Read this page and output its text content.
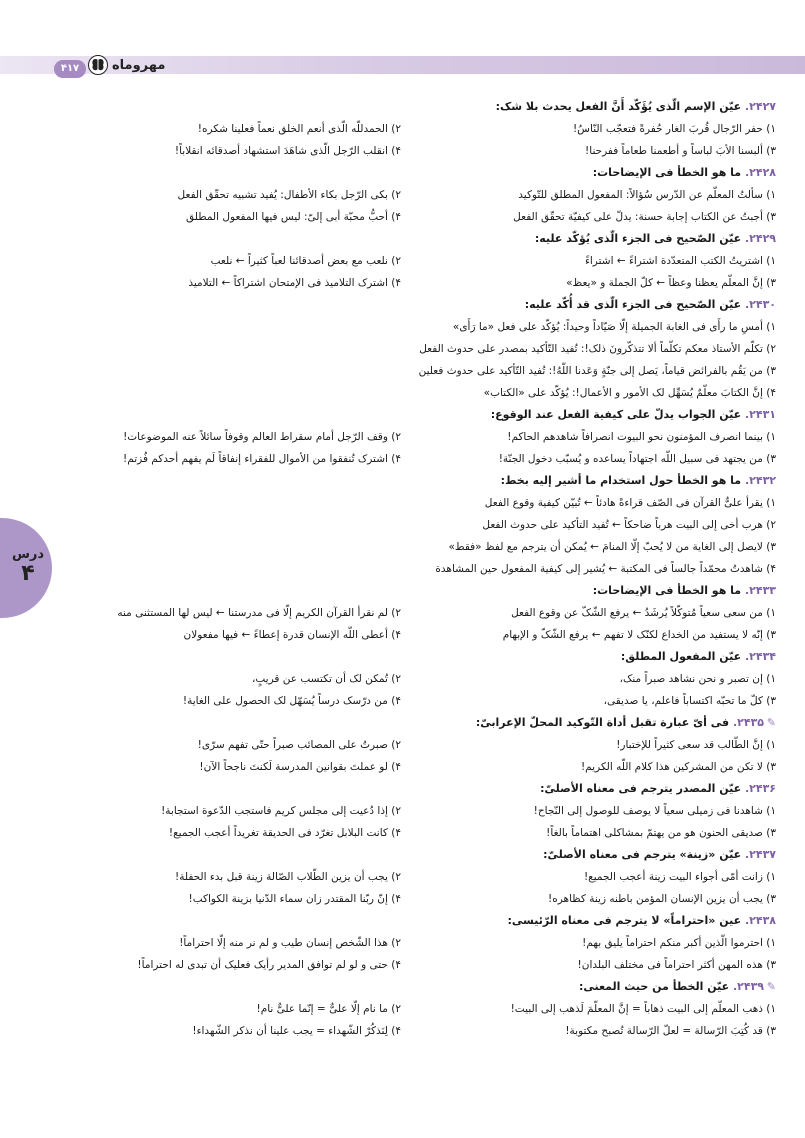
مهروماه
۴۱۷
درس
۴
۲۴۲۷. عیّن الإسم الّذی یُؤَکّد أَنَّ الفعل یحدث بلا شک:
۱) حفر الرّجال قُربَ الغار حُفرةً فتعجّب النّاسُ!
۲) الحمدللّه الّذی أنعم الخلق نعماً فعلینا شکره!
۳) ألبسنا الأبَ لباساً و أطعمنا طعاماً ففرحنا!
۴) انقلب الرّجل الّذی شاهَدَ استشهاد أصدقائه انقلاباً!
۲۴۲۸. ما هو الخطأ فی الإیضاحات:
۱) سألتُ المعلّم عن الدّرس سُؤالاً: المفعول المطلق للتّوکید
۲) بکی الرّجل بکاء الأطفال: یُفید تشبیه تحقّق الفعل
۳) أجبتُ عن الکتاب إجابة حسنة: یدلّ علی کیفیّة تحقّق الفعل
۴) أحبُّ محبّة أبی إلیّ: لیس فیها المفعول المطلق
۲۴۲۹. عیّن الصّحیح فی الجزء الّذی یُؤکّد علیه:
۱) اشتریتُ الکتب المتعدّدة اشتراءً ← اشتراءً
۲) نلعب مع بعض أصدقائنا لعباً کثیراً ← نلعب
۳) إنَّ المعلّم یعظنا وعظاً ← کلّ الجملة و «یعظ»
۴) اشترک التلامیذ فی الإمتحان اشتراکاً ← التلامیذ
۲۴۳۰. عیّن الصّحیح فی الجزء الّذی قد أُکّد علیه:
۱) أمسِ ما رأَی فی الغابة الجمیلة إلّا صَیّاداً وحیداً: یُؤکّد علی فعل «ما رَأَی»
۲) تکلّم الأستاذ معکم تکلّماً ألا تتذکّرونَ ذلک!: تُفید التّأکید بمصدر علی حدوث الفعل
۳) من یَقُم بالفرائض قیاماً، یَصل إلی جنّةٍ وَعَدنا اللّهُ!: تُفید التّأکید علی حدوث فعلین
۴) إنَّ الکتابَ معلّمٌ یُسَهِّل لک الأمور و الأعمال!: یُؤکّد علی «الکتاب»
۲۴۳۱. عیّن الجواب یدلّ علی کیفیة الفعل عند الوقوع:
۱) بینما انصرف المؤمنون نحو البیوت انصرافاً شاهدهم الحاکم!
۲) وقف الرّجل أمام سقراط العالم وقوفاً سائلاً عنه الموضوعات!
۳) من یجتهد فی سبیل اللّه اجتهاداً یساعده و یُسبّب دخول الجنّة!
۴) اشترک تُنفقوا من الأموال للفقراء إنفاقاً لَم یفهم أحدکم فُزتم!
۲۴۳۲. ما هو الخطأ حول استخدام ما أشیر إلیه بخط:
۱) یقرأ علیٌّ القرآن فی الصّف قراءةً هادئاً ← تُبیّن کیفیة وقوع الفعل
۲) هرب أخی إلی البیت هرباً ضاحکاً ← تُفید التأکید علی حدوث الفعل
۳) لایصل إلی الغایة من لا یُحبّ إلّا المنامَ ← یُمکن أن یترجم مع لفظ «فقط»
۴) شاهدتُ محمّداً جالساً فی المکتبة ← یُشیر إلی کیفیة المفعول حین المشاهدة
۲۴۳۳. ما هو الخطأ فی الإیضاحات:
۱) من سعی سعیاً مُتوکّلاً یُرشَدُ ← یرفع الشّکّ عن وقوع الفعل
۲) لم نقرأ القرآن الکریم إلّا فی مدرستنا ← لیس لها المستثنی منه
۳) إنّه لا یستفید من الخداع لکنّک لا تفهم ← یرفع الشّکّ و الإبهام
۴) أعطی اللّه الإنسان قدرة إعطاءً ← فیها مفعولان
۲۴۳۴. عیّن المفعول المطلق:
۱) إن تصبر و نحن نشاهد صبراً منک،
۲) تُمکن لک أن تکتسب عن قریبٍ،
۳) کلّ ما تحبّه اکتساباً فاعلم، یا صدیقی،
۴) من درّسک درساً یُسَهّل لک الحصول علی الغایة!
✎۲۴۳۵. فی أیّ عبارة تقبل أداة التّوکید المحلّ الإعرابیّ:
۱) إنَّ الطّالب قد سعی کثیراً للإختبار!
۲) صبرتُ علی المصائب صبراً حتّی تفهم سرّی!
۳) لا تکن من المشرکین هذا کلام اللّه الکریم!
۴) لو عملتَ بقوانین المدرسة لَکنتَ ناجحاً الآن!
۲۴۳۶. عیّن المصدر یترجم فی معناه الأصلیّ:
۱) شاهدنا فی زمیلی سعیاً لا یوصف للوصول إلی النّجاح!
۲) إذا دُعیت إلی مجلس کریم فاستجب الدّعوة استجابة!
۳) صدیقی الحنون هو من یهتمّ بمشاکلی اهتماماً بالغاً!
۴) کانت البلابل تغرّد فی الحدیقة تغریداً أعجب الجمیع!
۲۴۳۷. عیّن «زینة» یترجم فی معناه الأصلیّ:
۱) زانت أمّی أجواء البیت زینة أعجب الجمیع!
۲) یجب أن یزین الطّلاب الصّالة زینة قبل بدء الحفلة!
۳) یجب أن یزین الإنسان المؤمن باطنه زینة کظاهره!
۴) إنّ ربّنا المقتدر زان سماء الدّنیا بزینة الکواکب!
۲۴۳۸. عین «احتراماً» لا یترجم فی معناه الرّئیسی:
۱) احترموا الّذین أکبر منکم احتراماً یلیق بهم!
۲) هذا الشّخص إنسان طیب و لم نر منه إلّا احتراماً!
۳) هذه المهن أکثر احتراماً فی مختلف البلدان!
۴) حتی و لو لم توافق المدیر رأیک فعلیک أن تبدی له احتراماً!
✎۲۴۳۹. عیّن الخطأ من حیث المعنی:
۱) ذهب المعلّم إلی البیت ذهاباً = إنَّ المعلّمَ لَذهب إلی البیت!
۲) ما نام إلّا علیٌّ = إنّما علیٌّ نام!
۳) قد کُتِبَ الرّسالة = لعلّ الرّسالة تُصبح مکتوبة!
۴) لِنَذکُرْ الشّهداء = یجب علینا أن نذکر الشّهداء!
